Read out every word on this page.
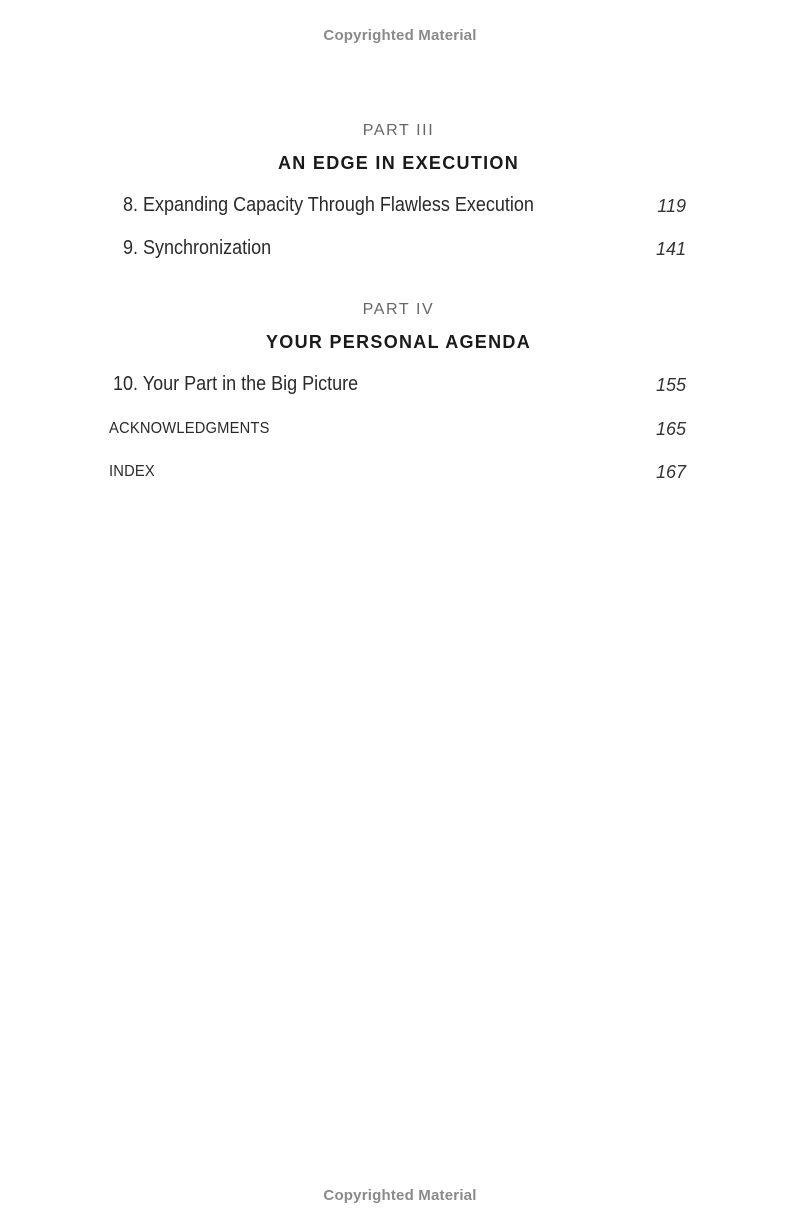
Copyrighted Material
PART III
AN EDGE IN EXECUTION
8. Expanding Capacity Through Flawless Execution	119
9. Synchronization	141
PART IV
YOUR PERSONAL AGENDA
10. Your Part in the Big Picture	155
ACKNOWLEDGMENTS	165
INDEX	167
Copyrighted Material
